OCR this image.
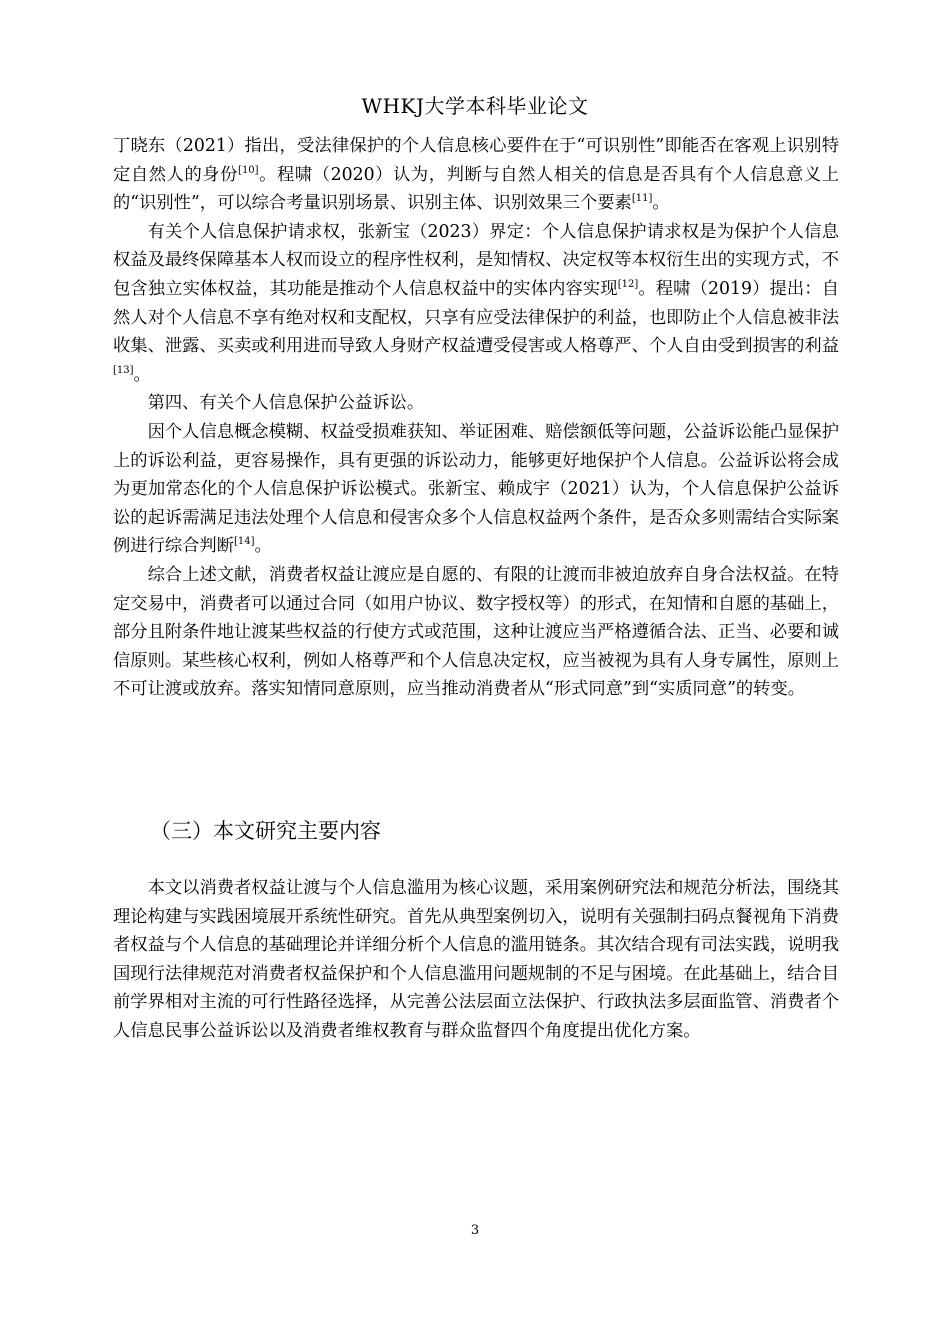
WHKJ大学本科毕业论文

丁晓东（2021）指出，受法律保护的个人信息核心要件在于“可识别性”即能否在客观上识别特定自然人的身份[10]。程啸（2020）认为，判断与自然人相关的信息是否具有个人信息意义上的“识别性”，可以综合考量识别场景、识别主体、识别效果三个要素[11]。

有关个人信息保护请求权，张新宝（2023）界定：个人信息保护请求权是为保护个人信息权益及最终保障基本人权而设立的程序性权利，是知情权、决定权等本权衍生出的实现方式，不包含独立实体权益，其功能是推动个人信息权益中的实体内容实现[12]。程啸（2019）提出：自然人对个人信息不享有绝对权和支配权，只享有应受法律保护的利益，也即防止个人信息被非法收集、泄露、买卖或利用进而导致人身财产权益遭受侵害或人格尊严、个人自由受到损害的利益[13]。

第四、有关个人信息保护公益诉讼。

因个人信息概念模糊、权益受损难获知、举证困难、赔偿额低等问题，公益诉讼能凸显保护上的诉讼利益，更容易操作，具有更强的诉讼动力，能够更好地保护个人信息。公益诉讼将会成为更加常态化的个人信息保护诉讼模式。张新宝、赖成宇（2021）认为，个人信息保护公益诉讼的起诉需满足违法处理个人信息和侵害众多个人信息权益两个条件，是否众多则需结合实际案例进行综合判断[14]。

综合上述文献，消费者权益让渡应是自愿的、有限的让渡而非被迫放弃自身合法权益。在特定交易中，消费者可以通过合同（如用户协议、数字授权等）的形式，在知情和自愿的基础上，部分且附条件地让渡某些权益的行使方式或范围，这种让渡应当严格遵循合法、正当、必要和诚信原则。某些核心权利，例如人格尊严和个人信息决定权，应当被视为具有人身专属性，原则上不可让渡或放弃。落实知情同意原则，应当推动消费者从“形式同意”到“实质同意”的转变。

（三）本文研究主要内容

本文以消费者权益让渡与个人信息滥用为核心议题，采用案例研究法和规范分析法，围绕其理论构建与实践困境展开系统性研究。首先从典型案例切入，说明有关强制扫码点餐视角下消费者权益与个人信息的基础理论并详细分析个人信息的滥用链条。其次结合现有司法实践，说明我国现行法律规范对消费者权益保护和个人信息滥用问题规制的不足与困境。在此基础上，结合目前学界相对主流的可行性路径选择，从完善公法层面立法保护、行政执法多层面监管、消费者个人信息民事公益诉讼以及消费者维权教育与群众监督四个角度提出优化方案。

3
